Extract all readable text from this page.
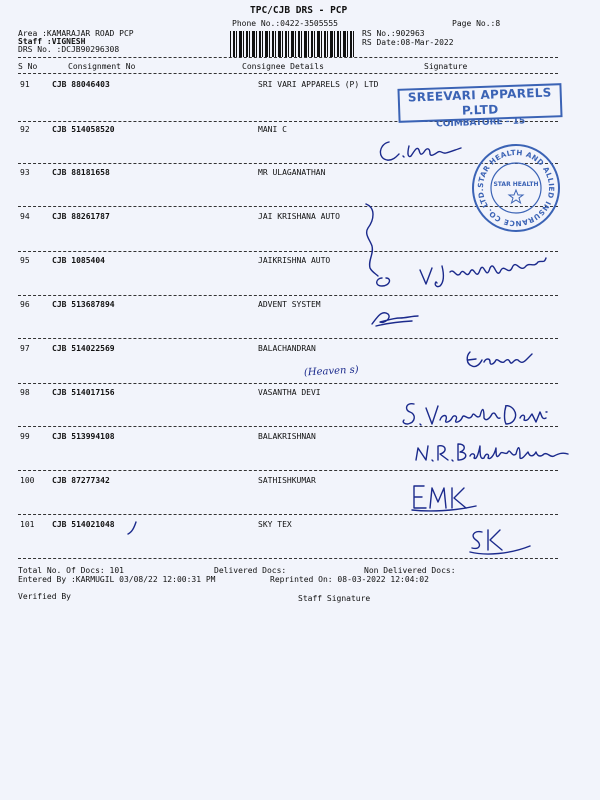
TPC/CJB DRS - PCP
Phone No.:0422-3505555	Page No.:8
Area :KAMARAJAR ROAD PCP
Staff :VIGNESH
DRS No. :DCJB90296308
RS No.:902963
RS Date:08-Mar-2022
S No	Consignment No	Consignee Details	Signature
91	CJB 88046403	SRI VARI APPARELS (P) LTD
92	CJB 514058520	MANI C
93	CJB 88181658	MR ULAGANATHAN
94	CJB 88261787	JAI KRISHANA AUTO
95	CJB 1085404	JAIKRISHNA AUTO
96	CJB 513687894	ADVENT SYSTEM
97	CJB 514022569	BALACHANDRAN
98	CJB 514017156	VASANTHA DEVI
99	CJB 513994108	BALAKRISHNAN
100 CJB 87277342	SATHISHKUMAR
101 CJB 514021048	SKY TEX
Total No. Of Docs: 101	Delivered Docs:	Non Delivered Docs:
Entered By :KARMUGIL 03/08/22 12:00:31 PM	Reprinted On: 08-03-2022 12:04:02
Verified By	Staff Signature
SREEVARI APPARELS P.LTD
COIMBATORE - 15
STAR HEALTH AND ALLIED INSURANCE CO. LTD.
STAR HEALTH
(Heaven s)
